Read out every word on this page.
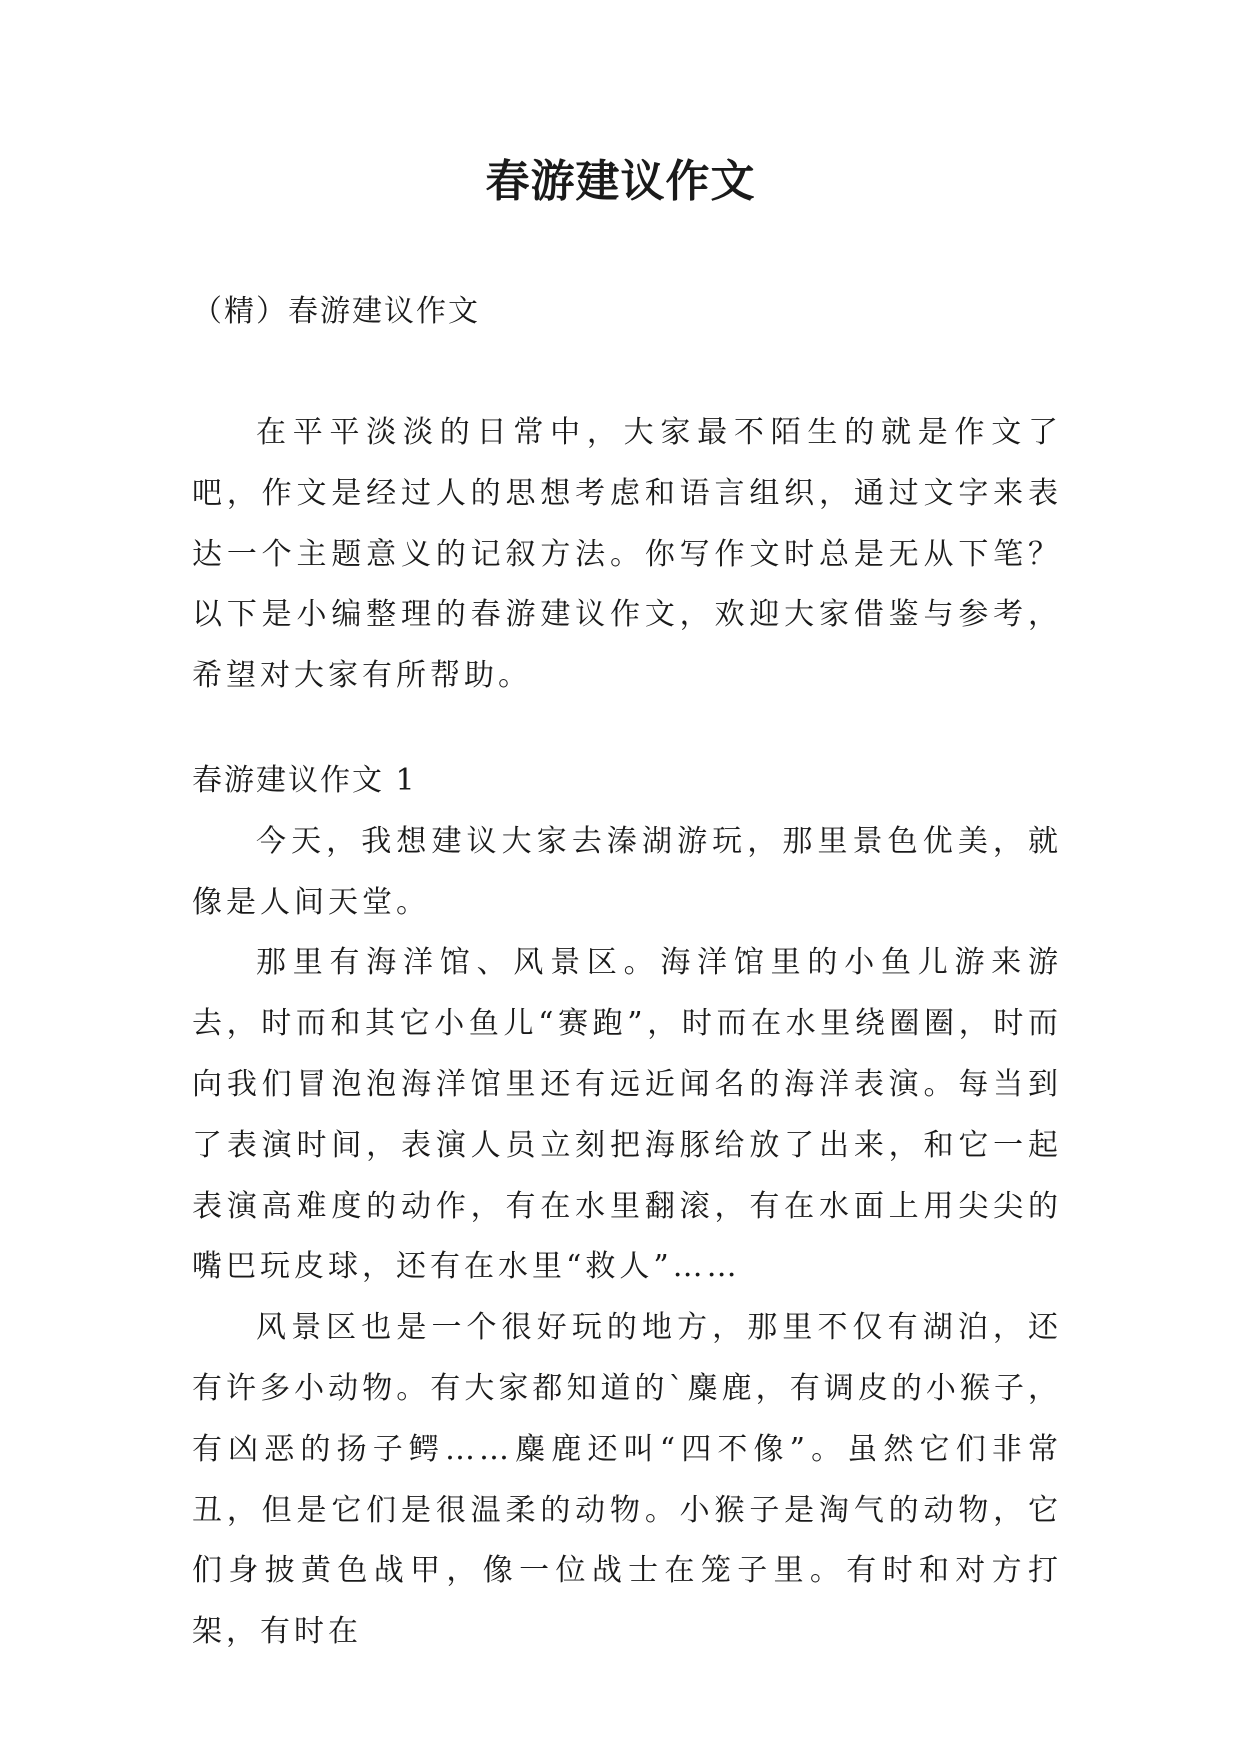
春游建议作文

（精）春游建议作文

在平平淡淡的日常中，大家最不陌生的就是作文了吧，作文是经过人的思想考虑和语言组织，通过文字来表达一个主题意义的记叙方法。你写作文时总是无从下笔？以下是小编整理的春游建议作文，欢迎大家借鉴与参考，希望对大家有所帮助。

春游建议作文 1

今天，我想建议大家去溱湖游玩，那里景色优美，就像是人间天堂。

那里有海洋馆、风景区。海洋馆里的小鱼儿游来游去，时而和其它小鱼儿“赛跑”，时而在水里绕圈圈，时而向我们冒泡泡海洋馆里还有远近闻名的海洋表演。每当到了表演时间，表演人员立刻把海豚给放了出来，和它一起表演高难度的动作，有在水里翻滚，有在水面上用尖尖的嘴巴玩皮球，还有在水里“救人”……

风景区也是一个很好玩的地方，那里不仅有湖泊，还有许多小动物。有大家都知道的`麋鹿，有调皮的小猴子，有凶恶的扬子鳄……麋鹿还叫“四不像”。虽然它们非常丑，但是它们是很温柔的动物。小猴子是淘气的动物，它们身披黄色战甲，像一位战士在笼子里。有时和对方打架，有时在
